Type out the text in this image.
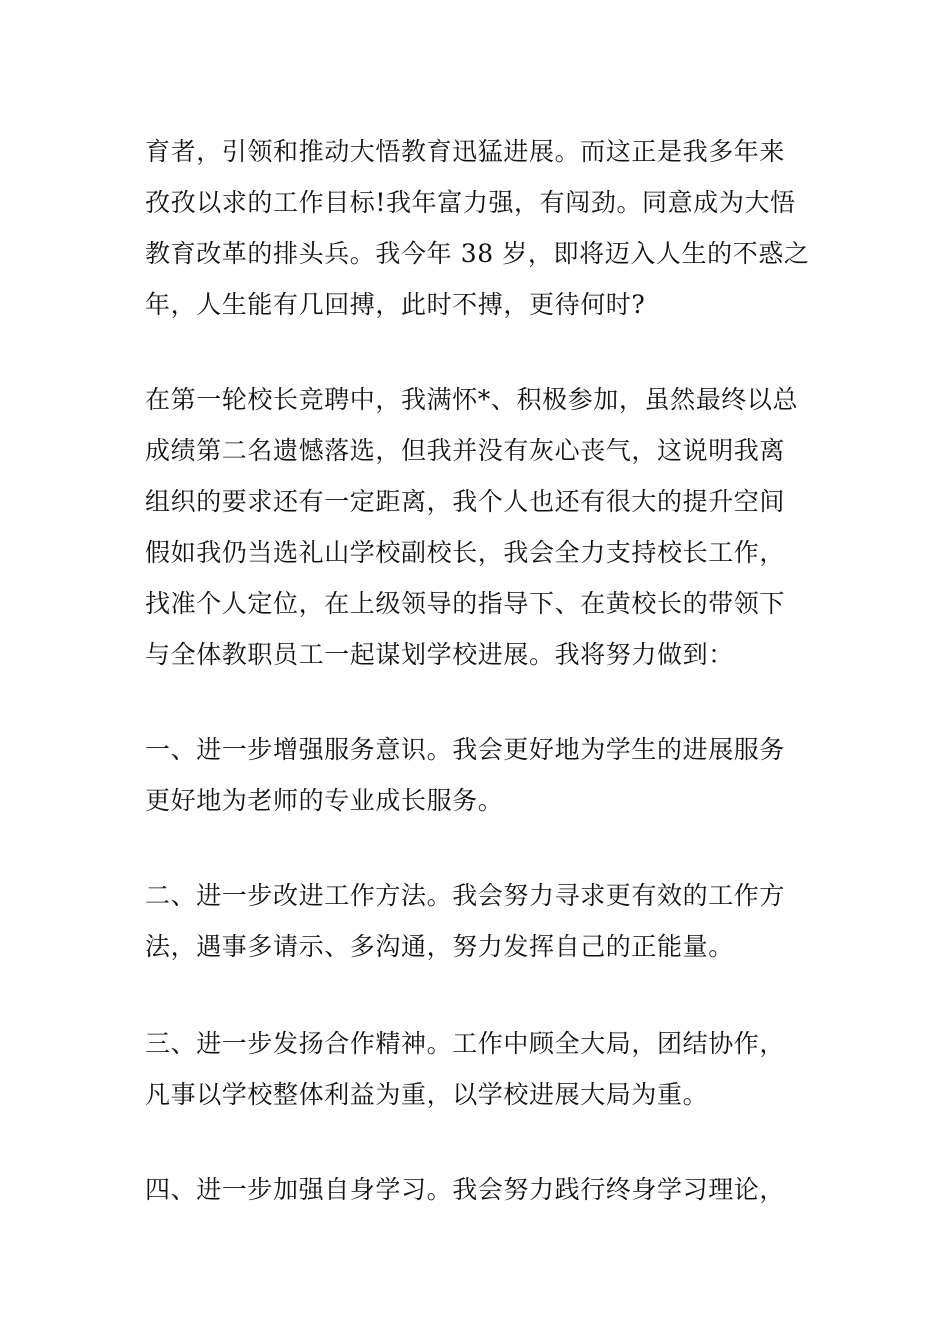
育者，引领和推动大悟教育迅猛进展。而这正是我多年来
孜孜以求的工作目标!我年富力强，有闯劲。同意成为大悟
教育改革的排头兵。我今年 38 岁，即将迈入人生的不惑之
年，人生能有几回搏，此时不搏，更待何时?
在第一轮校长竞聘中，我满怀*、积极参加，虽然最终以总
成绩第二名遗憾落选，但我并没有灰心丧气，这说明我离
组织的要求还有一定距离，我个人也还有很大的提升空间
假如我仍当选礼山学校副校长，我会全力支持校长工作，
找准个人定位，在上级领导的指导下、在黄校长的带领下
与全体教职员工一起谋划学校进展。我将努力做到：
一、进一步增强服务意识。我会更好地为学生的进展服务
更好地为老师的专业成长服务。
二、进一步改进工作方法。我会努力寻求更有效的工作方
法，遇事多请示、多沟通，努力发挥自己的正能量。
三、进一步发扬合作精神。工作中顾全大局，团结协作，
凡事以学校整体利益为重，以学校进展大局为重。
四、进一步加强自身学习。我会努力践行终身学习理论，
